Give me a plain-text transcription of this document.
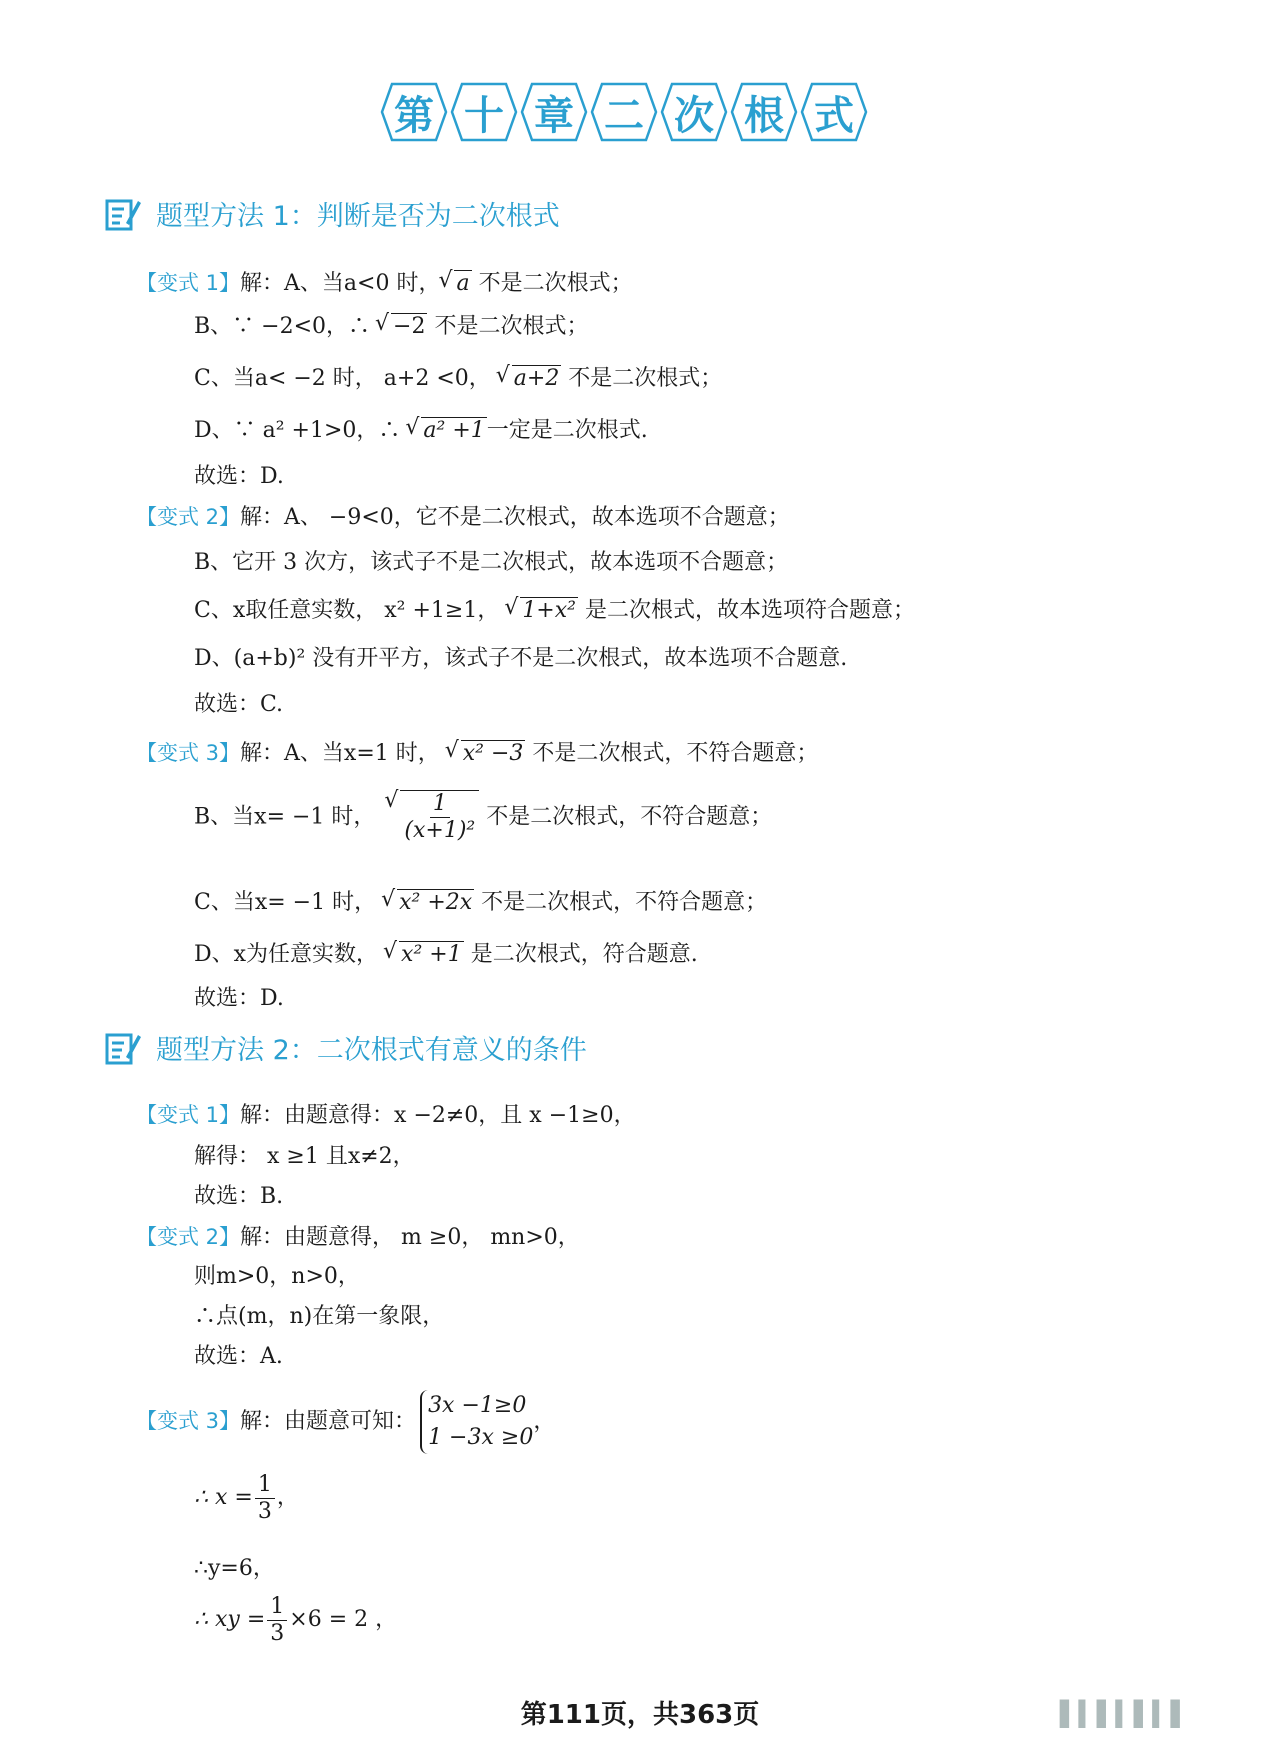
第 十 章 二 次 根 式
题型方法 1：判断是否为二次根式
【变式 1】解：A、当a<0 时， √ a 不是二次根式；
B、∵ −2<0，∴ √ −2 不是二次根式；
C、当a< −2 时， a+2 <0， √ a+2 不是二次根式；
D、∵ a² +1>0，∴ √ a² +1一定是二次根式.
故选：D.
【变式 2】解：A、 −9<0，它不是二次根式，故本选项不合题意；
B、它开 3 次方，该式子不是二次根式，故本选项不合题意；
C、x取任意实数， x² +1≥1， √ 1+x² 是二次根式，故本选项符合题意；
D、(a+b)² 没有开平方，该式子不是二次根式，故本选项不合题意.
故选：C.
【变式 3】解：A、当x=1 时， √ x² −3 不是二次根式，不符合题意；
B、当x= −1 时， √ $\frac{1}{\text{(x+1)²}}$ 不是二次根式，不符合题意；
C、当x= −1 时， √ x² +2x 不是二次根式，不符合题意；
D、x为任意实数， √ x² +1 是二次根式，符合题意.
故选：D.
题型方法 2：二次根式有意义的条件
【变式 1】解：由题意得：x −2≠0，且 x −1≥0，
解得： x ≥1 且x≠2，
故选：B.
【变式 2】解：由题意得， m ≥0， mn>0，
则m>0，n>0，
∴点(m，n)在第一象限，
故选：A.
【变式 3】解：由题意可知：
3x −1≥0
1 −3x ≥0
，
∴ $x = \frac{1}{3}$ ，
∴y=6，
∴ xy = $\frac{1}{3} \times 6 = 2$ ，
第111页，共363页	▌▍▌▍▌▍▌
